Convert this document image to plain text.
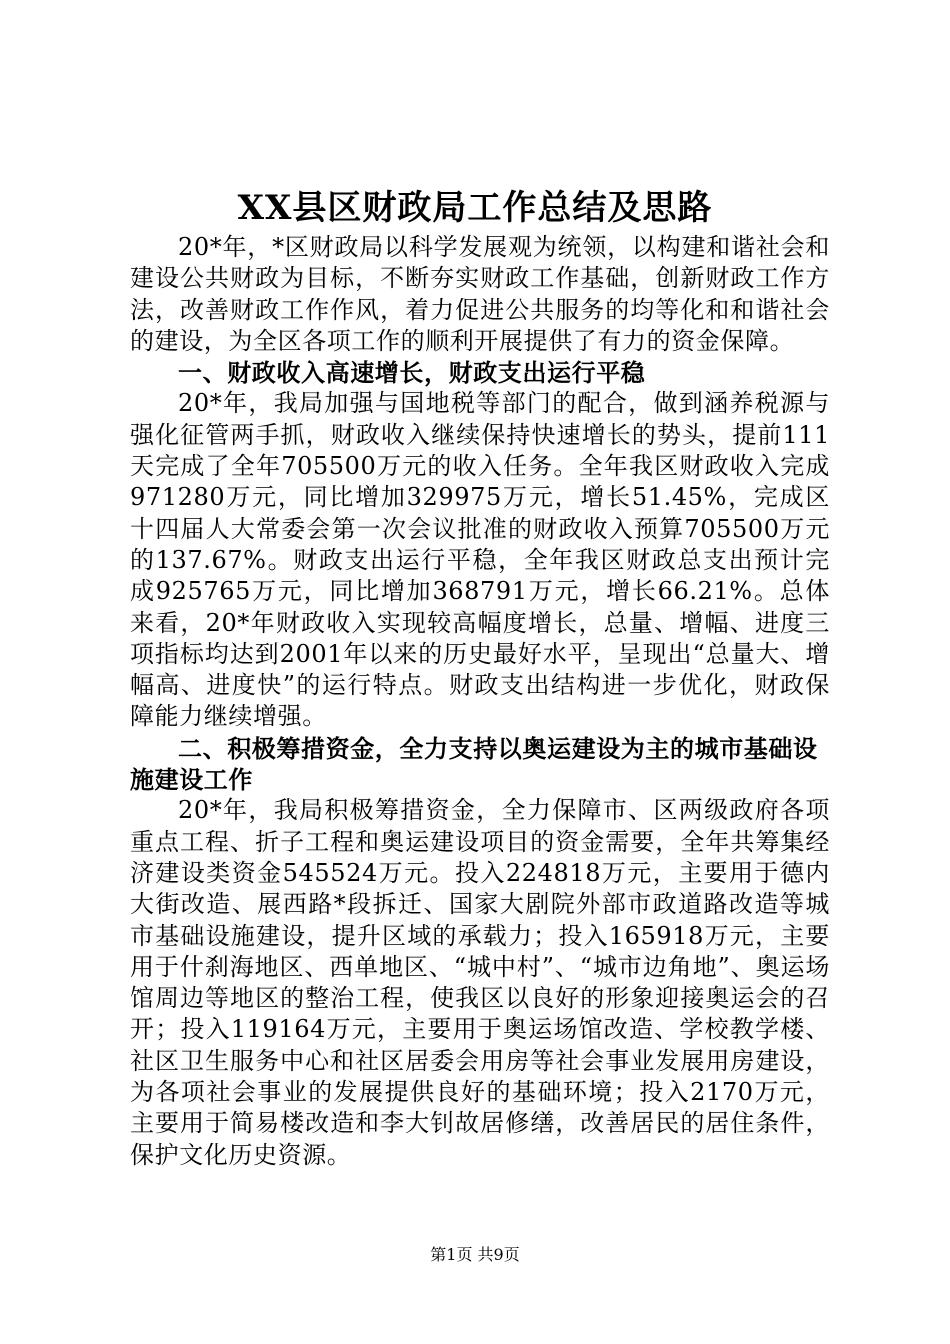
XX县区财政局工作总结及思路

20*年，*区财政局以科学发展观为统领，以构建和谐社会和建设公共财政为目标，不断夯实财政工作基础，创新财政工作方法，改善财政工作作风，着力促进公共服务的均等化和和谐社会的建设，为全区各项工作的顺利开展提供了有力的资金保障。

一、财政收入高速增长，财政支出运行平稳

20*年，我局加强与国地税等部门的配合，做到涵养税源与强化征管两手抓，财政收入继续保持快速增长的势头，提前111天完成了全年705500万元的收入任务。全年我区财政收入完成971280万元，同比增加329975万元，增长51.45%，完成区十四届人大常委会第一次会议批准的财政收入预算705500万元的137.67%。财政支出运行平稳，全年我区财政总支出预计完成925765万元，同比增加368791万元，增长66.21%。总体来看，20*年财政收入实现较高幅度增长，总量、增幅、进度三项指标均达到2001年以来的历史最好水平，呈现出“总量大、增幅高、进度快”的运行特点。财政支出结构进一步优化，财政保障能力继续增强。

二、积极筹措资金，全力支持以奥运建设为主的城市基础设施建设工作

20*年，我局积极筹措资金，全力保障市、区两级政府各项重点工程、折子工程和奥运建设项目的资金需要，全年共筹集经济建设类资金545524万元。投入224818万元，主要用于德内大街改造、展西路*段拆迁、国家大剧院外部市政道路改造等城市基础设施建设，提升区域的承载力；投入165918万元，主要用于什刹海地区、西单地区、“城中村”、“城市边角地”、奥运场馆周边等地区的整治工程，使我区以良好的形象迎接奥运会的召开；投入119164万元，主要用于奥运场馆改造、学校教学楼、社区卫生服务中心和社区居委会用房等社会事业发展用房建设，为各项社会事业的发展提供良好的基础环境；投入2170万元，主要用于简易楼改造和李大钊故居修缮，改善居民的居住条件，保护文化历史资源。

第1页 共9页
